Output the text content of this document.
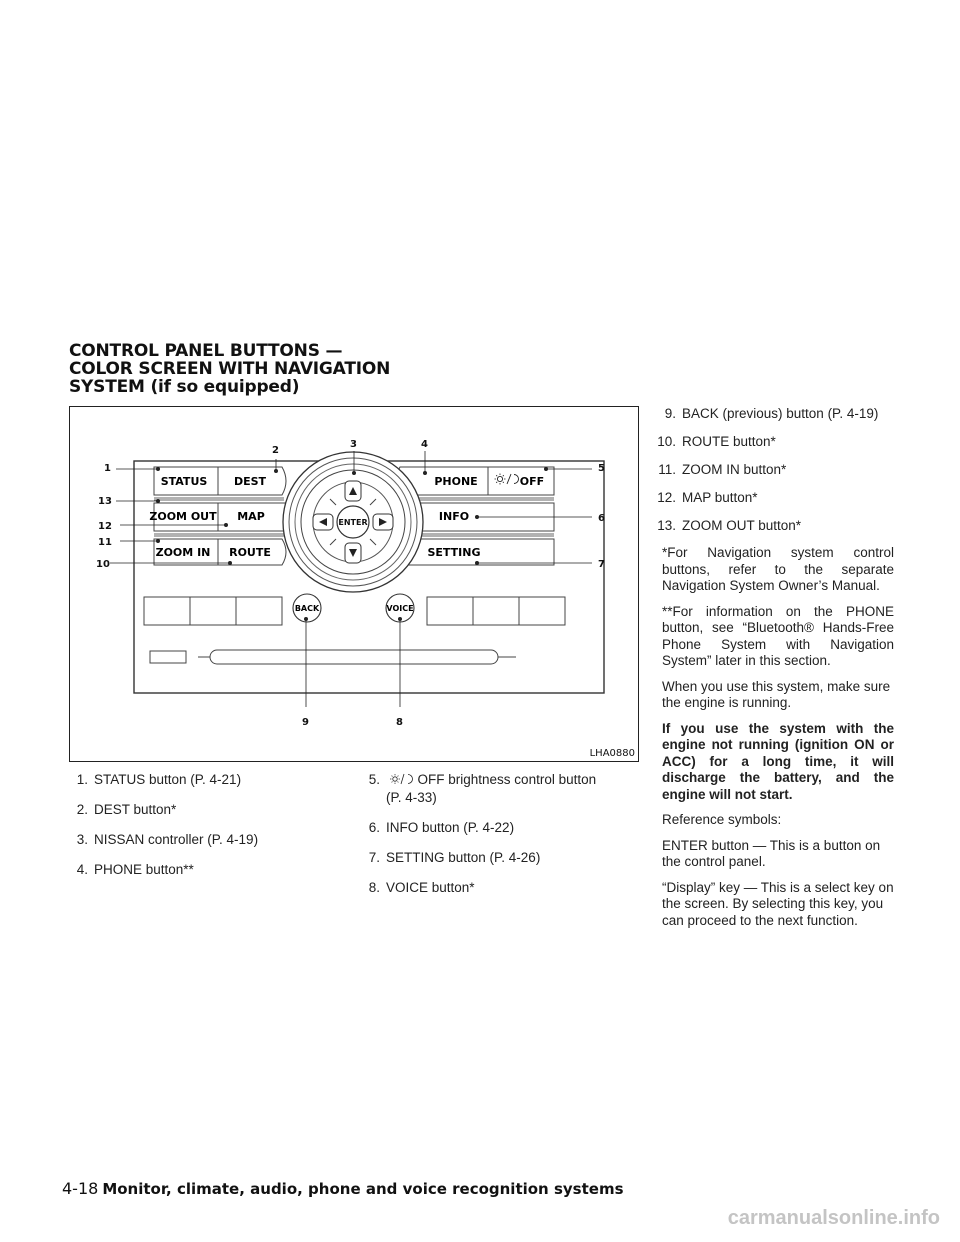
CONTROL PANEL BUTTONS —
COLOR SCREEN WITH NAVIGATION
SYSTEM (if so equipped)
ENTER
STATUS DEST
ZOOM OUT MAP
ZOOM IN ROUTE
PHONE	OFF
INFO
SETTING
BACK	VOICE
1
13
12
11
10
2
3	4
5
6
7
9	8
LHA0880
1. STATUS button (P. 4-21)
2. DEST button*
3. NISSAN controller (P. 4-19)
4. PHONE button**
5.	OFF brightness control button
(P. 4-33)
6. INFO button (P. 4-22)
7. SETTING button (P. 4-26)
8. VOICE button*
9. BACK (previous) button (P. 4-19)
10. ROUTE button*
11. ZOOM IN button*
12. MAP button*
13. ZOOM OUT button*

*For Navigation system control buttons, refer to the separate Navigation System Owner’s Manual.

**For information on the PHONE button, see “Bluetooth® Hands-Free Phone System with Navigation System” later in this section.

When you use this system, make sure the engine is running.

If you use the system with the engine not running (ignition ON or ACC) for a long time, it will discharge the battery, and the engine will not start.

Reference symbols:

ENTER button — This is a button on the control panel.

“Display” key — This is a select key on the screen. By selecting this key, you can proceed to the next function.

4-18 Monitor, climate, audio, phone and voice recognition systems
carmanualsonline.info
